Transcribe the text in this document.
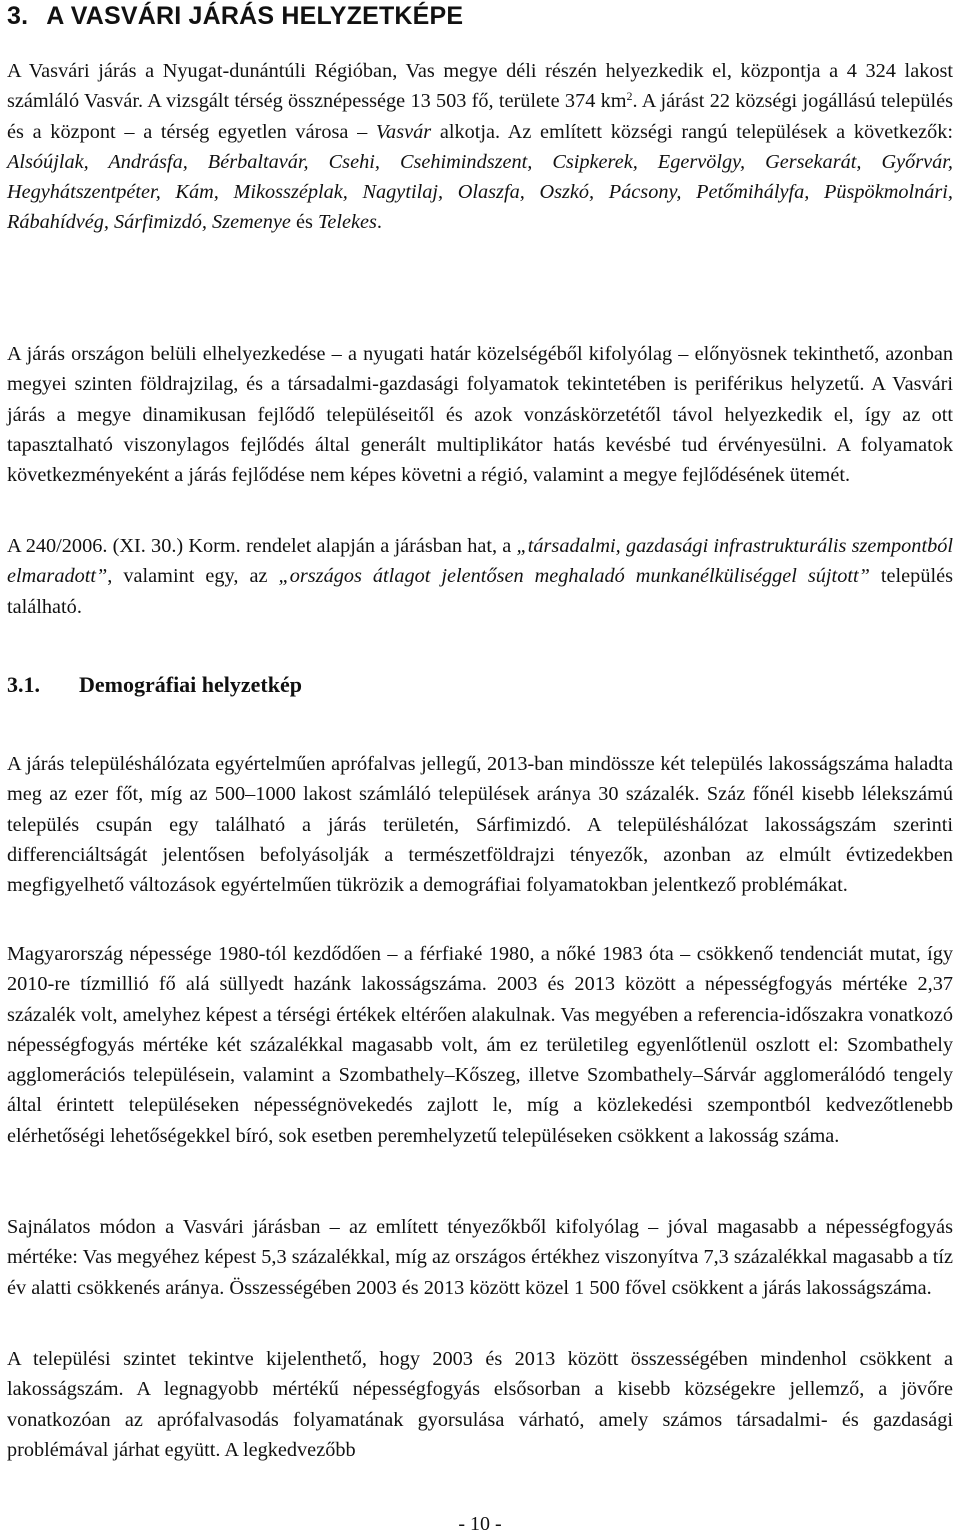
3. A VASVÁRI JÁRÁS HELYZETKÉPE

A Vasvári járás a Nyugat-dunántúli Régióban, Vas megye déli részén helyezkedik el, központja a 4 324 lakost számláló Vasvár. A vizsgált térség össznépessége 13 503 fő, területe 374 $km^2$. A járást 22 községi jogállású település és a központ – a térség egyetlen városa – Vasvár alkotja. Az említett községi rangú települések a következők: Alsóújlak, Andrásfa, Bérbaltavár, Csehi, Csehimindszent, Csipkerek, Egervölgy, Gersekarát, Győrvár, Hegyhátszentpéter, Kám, Mikosszéplak, Nagytilaj, Olaszfa, Oszkó, Pácsony, Petőmihályfa, Püspökmolnári, Rábahídvég, Sárfimizdó, Szemenye és Telekes.

A járás országon belüli elhelyezkedése – a nyugati határ közelségéből kifolyólag – előnyösnek tekinthető, azonban megyei szinten földrajzilag, és a társadalmi-gazdasági folyamatok tekintetében is periférikus helyzetű. A Vasvári járás a megye dinamikusan fejlődő településeitől és azok vonzáskörzetétől távol helyezkedik el, így az ott tapasztalható viszonylagos fejlődés által generált multiplikátor hatás kevésbé tud érvényesülni. A folyamatok következményeként a járás fejlődése nem képes követni a régió, valamint a megye fejlődésének ütemét.

A 240/2006. (XI. 30.) Korm. rendelet alapján a járásban hat, a „társadalmi, gazdasági infrastrukturális szempontból elmaradott”, valamint egy, az „országos átlagot jelentősen meghaladó munkanélküliséggel sújtott” település található.

3.1. Demográfiai helyzetkép

A járás településhálózata egyértelműen aprófalvas jellegű, 2013-ban mindössze két település lakosságszáma haladta meg az ezer főt, míg az 500–1000 lakost számláló települések aránya 30 százalék. Száz főnél kisebb lélekszámú település csupán egy található a járás területén, Sárfimizdó. A településhálózat lakosságszám szerinti differenciáltságát jelentősen befolyásolják a természetföldrajzi tényezők, azonban az elmúlt évtizedekben megfigyelhető változások egyértelműen tükrözik a demográfiai folyamatokban jelentkező problémákat.

Magyarország népessége 1980-tól kezdődően – a férfiaké 1980, a nőké 1983 óta – csökkenő tendenciát mutat, így 2010-re tízmillió fő alá süllyedt hazánk lakosságszáma. 2003 és 2013 között a népességfogyás mértéke 2,37 százalék volt, amelyhez képest a térségi értékek eltérően alakulnak. Vas megyében a referencia-időszakra vonatkozó népességfogyás mértéke két százalékkal magasabb volt, ám ez területileg egyenlőtlenül oszlott el: Szombathely agglomerációs településein, valamint a Szombathely–Kőszeg, illetve Szombathely–Sárvár agglomerálódó tengely által érintett településeken népességnövekedés zajlott le, míg a közlekedési szempontból kedvezőtlenebb elérhetőségi lehetőségekkel bíró, sok esetben peremhelyzetű településeken csökkent a lakosság száma.

Sajnálatos módon a Vasvári járásban – az említett tényezőkből kifolyólag – jóval magasabb a népességfogyás mértéke: Vas megyéhez képest 5,3 százalékkal, míg az országos értékhez viszonyítva 7,3 százalékkal magasabb a tíz év alatti csökkenés aránya. Összességében 2003 és 2013 között közel 1 500 fővel csökkent a járás lakosságszáma.

A települési szintet tekintve kijelenthető, hogy 2003 és 2013 között összességében mindenhol csökkent a lakosságszám. A legnagyobb mértékű népességfogyás elsősorban a kisebb községekre jellemző, a jövőre vonatkozóan az aprófalvasodás folyamatának gyorsulása várható, amely számos társadalmi- és gazdasági problémával járhat együtt. A legkedvezőbb

- 10 -
